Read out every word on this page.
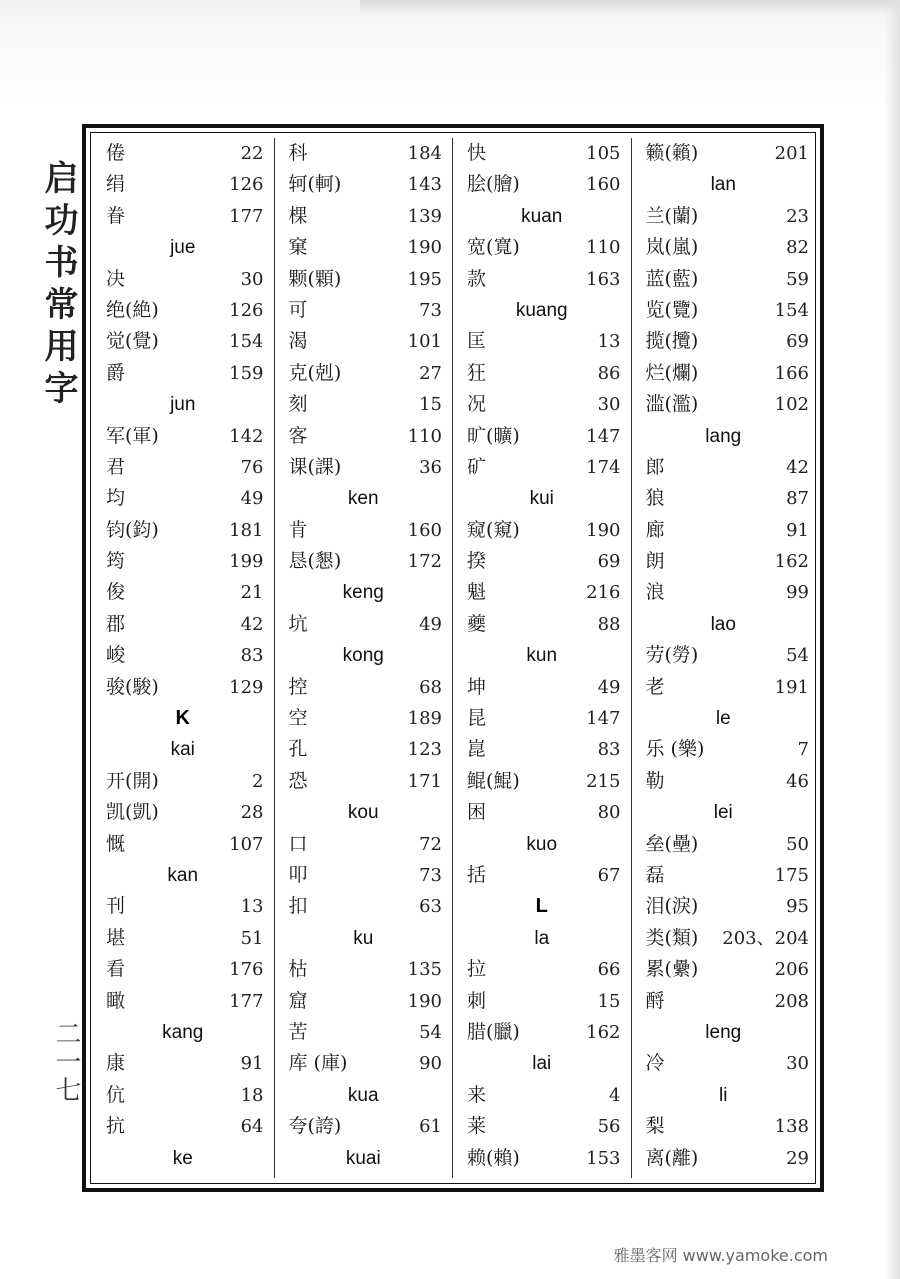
启功书常用字
二一七
倦	22
绢	126
眷	177
jue
决	30
绝(絶)	126
觉(覺)	154
爵	159
jun
军(軍)	142
君	76
均	49
钧(鈞)	181
筠	199
俊	21
郡	42
峻	83
骏(駿)	129
K
kai
开(開)	2
凯(凱)	28
慨	107
kan
刊	13
堪	51
看	176
瞰	177
kang
康	91
伉	18
抗	64
ke
科	184
轲(軻)	143
棵	139
窠	190
颗(顆)	195
可	73
渴	101
克(剋)	27
刻	15
客	110
课(課)	36
ken
肯	160
恳(懇)	172
keng
坑	49
kong
控	68
空	189
孔	123
恐	171
kou
口	72
叩	73
扣	63
ku
枯	135
窟	190
苦	54
库 (庫)	90
kua
夸(誇)	61
kuai
快	105
脍(膾)	160
kuan
宽(寬)	110
款	163
kuang
匡	13
狂	86
况	30
旷(曠)	147
矿	174
kui
窥(窺)	190
揆	69
魁	216
夔	88
kun
坤	49
昆	147
崑	83
鲲(鯤)	215
困	80
kuo
括	67
L
la
拉	66
刺	15
腊(臘)	162
lai
来	4
莱	56
赖(賴)	153
籁(籟)	201
lan
兰(蘭)	23
岚(嵐)	82
蓝(藍)	59
览(覽)	154
揽(攬)	69
烂(爛)	166
滥(濫)	102
lang
郎	42
狼	87
廊	91
朗	162
浪	99
lao
劳(勞)	54
老	191
le
乐 (樂)	7
勒	46
lei
垒(壘)	50
磊	175
泪(淚)	95
类(類) 203、204
累(纍)	206
酹	208
leng
冷	30
li
梨	138
离(離)	29
雅墨客网 www.yamoke.com
